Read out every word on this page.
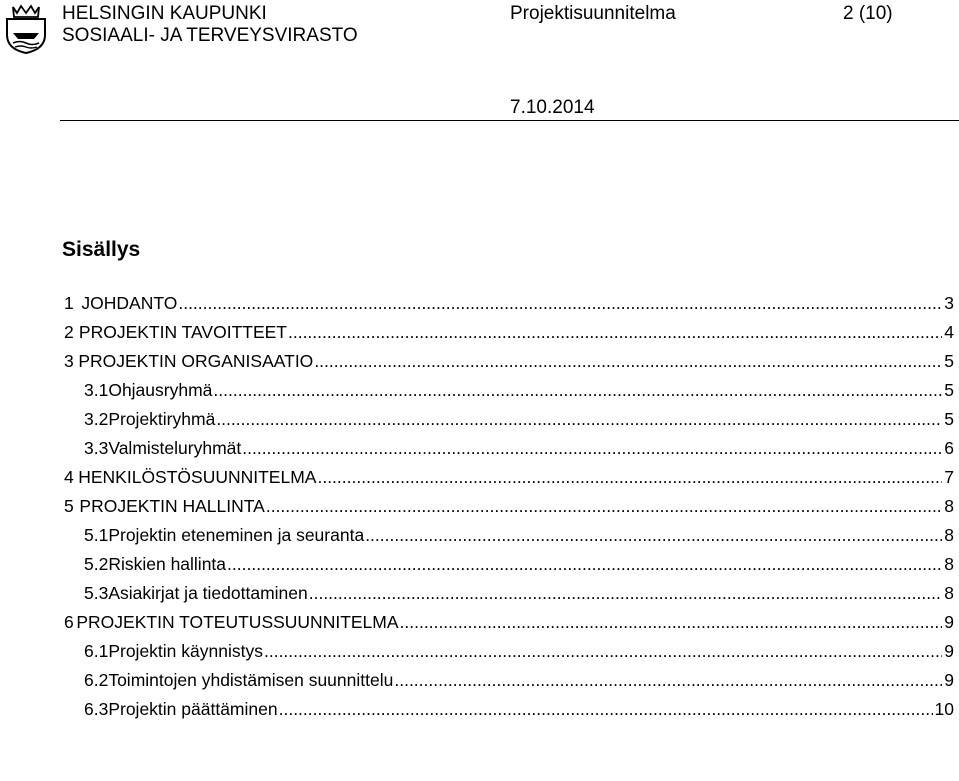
HELSINGIN KAUPUNKI
SOSIAALI- JA TERVEYSVIRASTO
Projektisuunnitelma	2 (10)
7.10.2014
Sisällys
1 JOHDANTO .....	3
2 PROJEKTIN TAVOITTEET .....	4
3 PROJEKTIN ORGANISAATIO .....	5
3.1 Ohjausryhmä .....	5
3.2 Projektiryhmä .....	5
3.3 Valmisteluryhmät .....	6
4 HENKILÖSTÖSUUNNITELMA .....	7
5 PROJEKTIN HALLINTA .....	8
5.1 Projektin eteneminen ja seuranta .....	8
5.2 Riskien hallinta .....	8
5.3 Asiakirjat ja tiedottaminen .....	8
6 PROJEKTIN TOTEUTUSSUUNNITELMA .....	9
6.1 Projektin käynnistys .....	9
6.2 Toimintojen yhdistämisen suunnittelu .....	9
6.3 Projektin päättäminen .....	10
